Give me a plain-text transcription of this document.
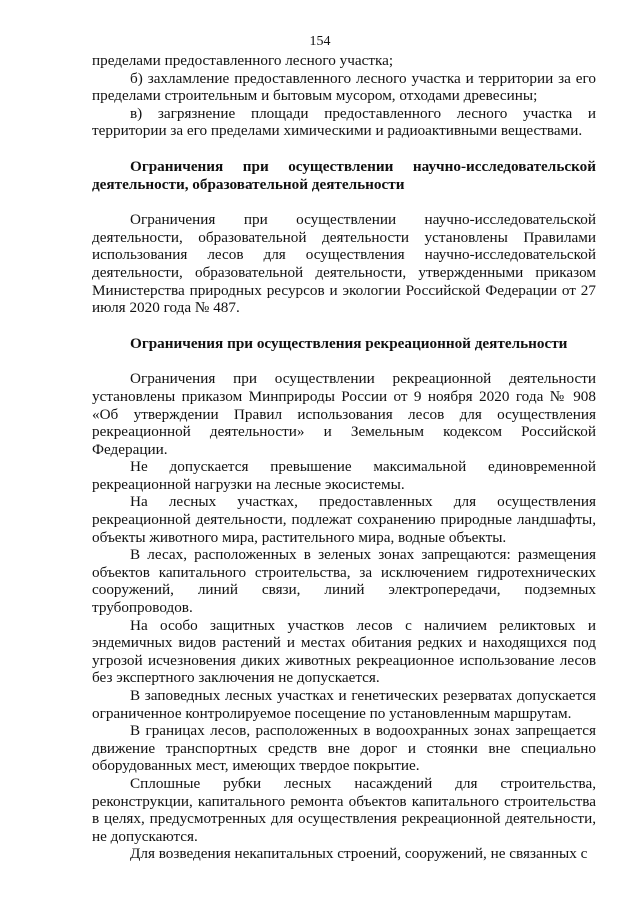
154

пределами предоставленного лесного участка;

б) захламление предоставленного лесного участка и территории за его пределами строительным и бытовым мусором, отходами древесины;

в) загрязнение площади предоставленного лесного участка и территории за его пределами химическими и радиоактивными веществами.

Ограничения при осуществлении научно-исследовательской деятельности, образовательной деятельности

Ограничения при осуществлении научно-исследовательской деятельности, образовательной деятельности установлены Правилами использования лесов для осуществления научно-исследовательской деятельности, образовательной деятельности, утвержденными приказом Министерства природных ресурсов и экологии Российской Федерации от 27 июля 2020 года № 487.

Ограничения при осуществления рекреационной деятельности

Ограничения при осуществлении рекреационной деятельности установлены приказом Минприроды России от 9 ноября 2020 года № 908 «Об утверждении Правил использования лесов для осуществления рекреационной деятельности» и Земельным кодексом Российской Федерации.

Не допускается превышение максимальной единовременной рекреационной нагрузки на лесные экосистемы.

На лесных участках, предоставленных для осуществления рекреационной деятельности, подлежат сохранению природные ландшафты, объекты животного мира, растительного мира, водные объекты.

В лесах, расположенных в зеленых зонах запрещаются: размещения объектов капитального строительства, за исключением гидротехнических сооружений, линий связи, линий электропередачи, подземных трубопроводов.

На особо защитных участков лесов с наличием реликтовых и эндемичных видов растений и местах обитания редких и находящихся под угрозой исчезновения диких животных рекреационное использование лесов без экспертного заключения не допускается.

В заповедных лесных участках и генетических резерватах допускается ограниченное контролируемое посещение по установленным маршрутам.

В границах лесов, расположенных в водоохранных зонах запрещается движение транспортных средств вне дорог и стоянки вне специально оборудованных мест, имеющих твердое покрытие.

Сплошные рубки лесных насаждений для строительства, реконструкции, капитального ремонта объектов капитального строительства в целях, предусмотренных для осуществления рекреационной деятельности, не допускаются.

Для возведения некапитальных строений, сооружений, не связанных с
